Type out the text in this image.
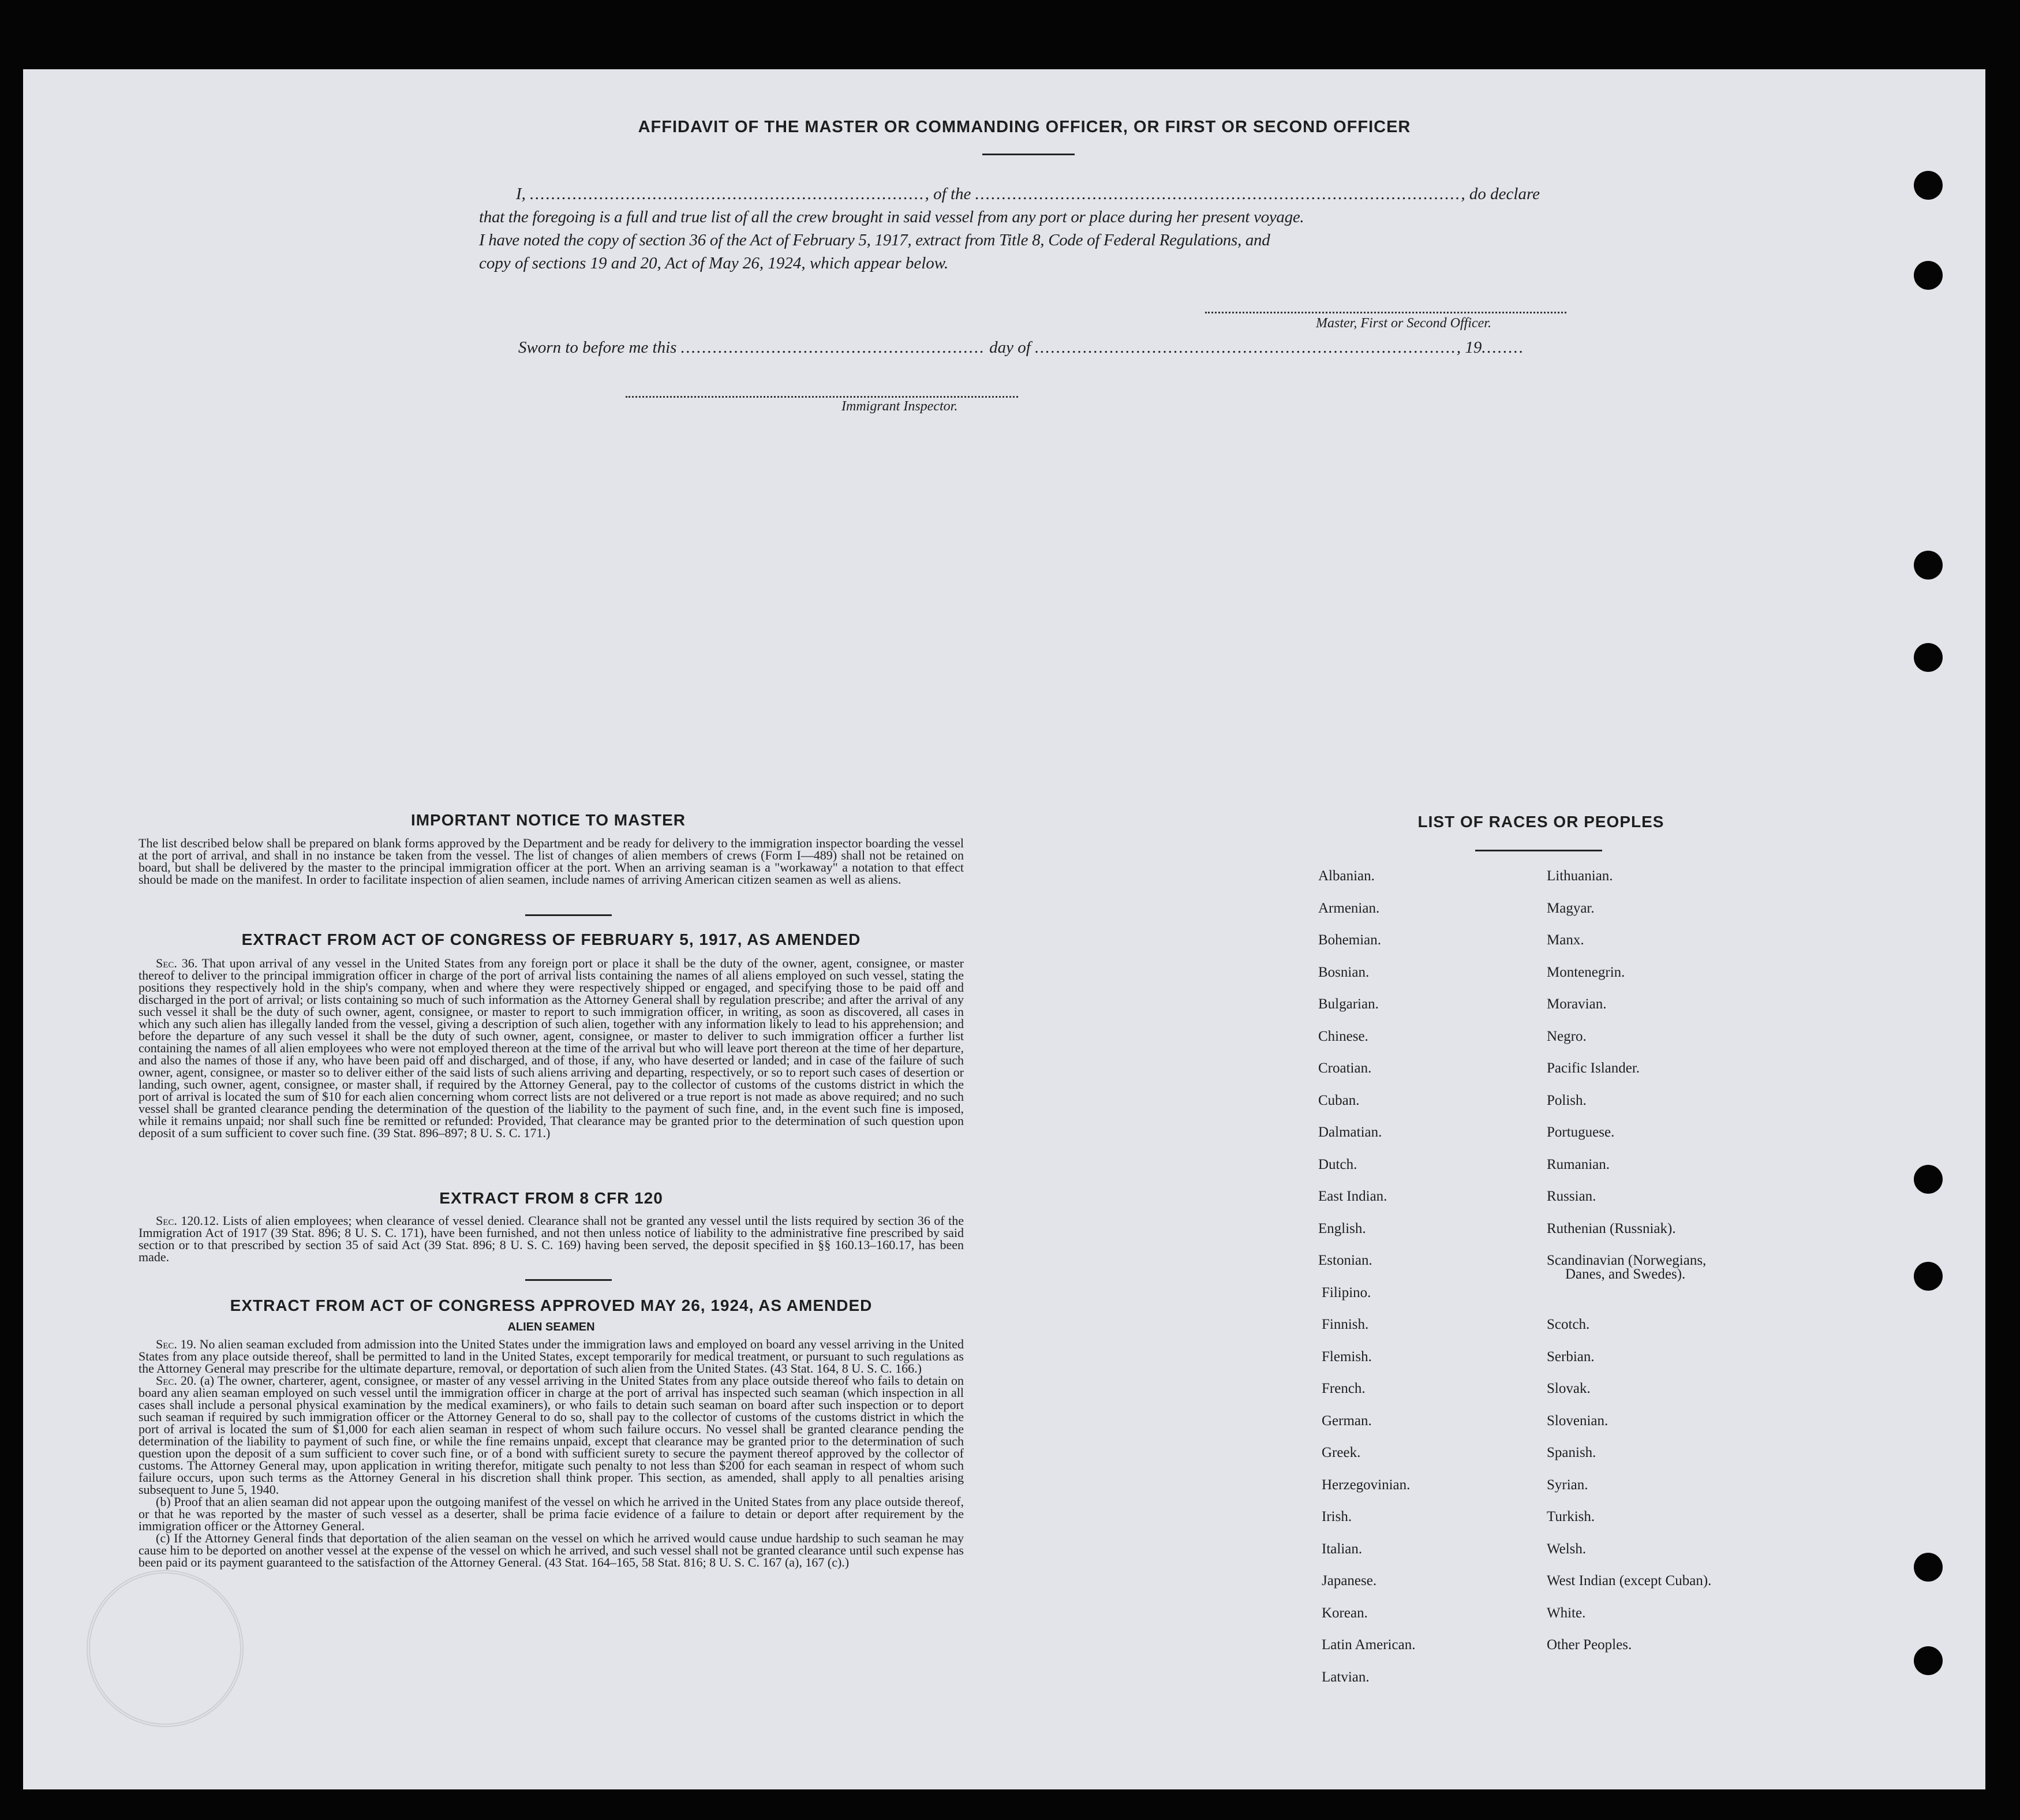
AFFIDAVIT OF THE MASTER OR COMMANDING OFFICER, OR FIRST OR SECOND OFFICER
I, .........................................................................., of the ..........................................................................................., do declare
that the foregoing is a full and true list of all the crew brought in said vessel from any port or place during her present voyage.
I have noted the copy of section 36 of the Act of February 5, 1917, extract from Title 8, Code of Federal Regulations, and
copy of sections 19 and 20, Act of May 26, 1924, which appear below.
Master, First or Second Officer.
Sworn to before me this ......................................................... day of ..............................................................................., 19........
Immigrant Inspector.
IMPORTANT NOTICE TO MASTER
The list described below shall be prepared on blank forms approved by the Department and be ready for delivery to the immigration inspector boarding the vessel at the port of arrival, and shall in no instance be taken from the vessel. The list of changes of alien members of crews (Form I—489) shall not be retained on board, but shall be delivered by the master to the principal immigration officer at the port. When an arriving seaman is a "workaway" a notation to that effect should be made on the manifest. In order to facilitate inspection of alien seamen, include names of arriving American citizen seamen as well as aliens.
EXTRACT FROM ACT OF CONGRESS OF FEBRUARY 5, 1917, AS AMENDED
Sec. 36. That upon arrival of any vessel in the United States from any foreign port or place it shall be the duty of the owner, agent, consignee, or master thereof to deliver to the principal immigration officer in charge of the port of arrival lists containing the names of all aliens employed on such vessel, stating the positions they respectively hold in the ship's company, when and where they were respectively shipped or engaged, and specifying those to be paid off and discharged in the port of arrival; or lists containing so much of such information as the Attorney General shall by regulation prescribe; and after the arrival of any such vessel it shall be the duty of such owner, agent, consignee, or master to report to such immigration officer, in writing, as soon as discovered, all cases in which any such alien has illegally landed from the vessel, giving a description of such alien, together with any information likely to lead to his apprehension; and before the departure of any such vessel it shall be the duty of such owner, agent, consignee, or master to deliver to such immigration officer a further list containing the names of all alien employees who were not employed thereon at the time of the arrival but who will leave port thereon at the time of her departure, and also the names of those if any, who have been paid off and discharged, and of those, if any, who have deserted or landed; and in case of the failure of such owner, agent, consignee, or master so to deliver either of the said lists of such aliens arriving and departing, respectively, or so to report such cases of desertion or landing, such owner, agent, consignee, or master shall, if required by the Attorney General, pay to the collector of customs of the customs district in which the port of arrival is located the sum of $10 for each alien concerning whom correct lists are not delivered or a true report is not made as above required; and no such vessel shall be granted clearance pending the determination of the question of the liability to the payment of such fine, and, in the event such fine is imposed, while it remains unpaid; nor shall such fine be remitted or refunded: Provided, That clearance may be granted prior to the determination of such question upon deposit of a sum sufficient to cover such fine. (39 Stat. 896–897; 8 U. S. C. 171.)
EXTRACT FROM 8 CFR 120
Sec. 120.12. Lists of alien employees; when clearance of vessel denied. Clearance shall not be granted any vessel until the lists required by section 36 of the Immigration Act of 1917 (39 Stat. 896; 8 U. S. C. 171), have been furnished, and not then unless notice of liability to the administrative fine prescribed by said section or to that prescribed by section 35 of said Act (39 Stat. 896; 8 U. S. C. 169) having been served, the deposit specified in §§ 160.13–160.17, has been made.
EXTRACT FROM ACT OF CONGRESS APPROVED MAY 26, 1924, AS AMENDED
ALIEN SEAMEN
Sec. 19. No alien seaman excluded from admission into the United States under the immigration laws and employed on board any vessel arriving in the United States from any place outside thereof, shall be permitted to land in the United States, except temporarily for medical treatment, or pursuant to such regulations as the Attorney General may prescribe for the ultimate departure, removal, or deportation of such alien from the United States. (43 Stat. 164, 8 U. S. C. 166.)
Sec. 20. (a) The owner, charterer, agent, consignee, or master of any vessel arriving in the United States from any place outside thereof who fails to detain on board any alien seaman employed on such vessel until the immigration officer in charge at the port of arrival has inspected such seaman (which inspection in all cases shall include a personal physical examination by the medical examiners), or who fails to detain such seaman on board after such inspection or to deport such seaman if required by such immigration officer or the Attorney General to do so, shall pay to the collector of customs of the customs district in which the port of arrival is located the sum of $1,000 for each alien seaman in respect of whom such failure occurs. No vessel shall be granted clearance pending the determination of the liability to payment of such fine, or while the fine remains unpaid, except that clearance may be granted prior to the determination of such question upon the deposit of a sum sufficient to cover such fine, or of a bond with sufficient surety to secure the payment thereof approved by the collector of customs. The Attorney General may, upon application in writing therefor, mitigate such penalty to not less than $200 for each seaman in respect of whom such failure occurs, upon such terms as the Attorney General in his discretion shall think proper. This section, as amended, shall apply to all penalties arising subsequent to June 5, 1940.
(b) Proof that an alien seaman did not appear upon the outgoing manifest of the vessel on which he arrived in the United States from any place outside thereof, or that he was reported by the master of such vessel as a deserter, shall be prima facie evidence of a failure to detain or deport after requirement by the immigration officer or the Attorney General.
(c) If the Attorney General finds that deportation of the alien seaman on the vessel on which he arrived would cause undue hardship to such seaman he may cause him to be deported on another vessel at the expense of the vessel on which he arrived, and such vessel shall not be granted clearance until such expense has been paid or its payment guaranteed to the satisfaction of the Attorney General. (43 Stat. 164–165, 58 Stat. 816; 8 U. S. C. 167 (a), 167 (c).)
LIST OF RACES OR PEOPLES
Albanian.
Armenian.
Bohemian.
Bosnian.
Bulgarian.
Chinese.
Croatian.
Cuban.
Dalmatian.
Dutch.
East Indian.
English.
Estonian.
Filipino.
Finnish.
Flemish.
French.
German.
Greek.
Herzegovinian.
Irish.
Italian.
Japanese.
Korean.
Latin American.
Latvian.
Lithuanian.
Magyar.
Manx.
Montenegrin.
Moravian.
Negro.
Pacific Islander.
Polish.
Portuguese.
Rumanian.
Russian.
Ruthenian (Russniak).
Scandinavian (Norwegians,
Danes, and Swedes).
Scotch.
Serbian.
Slovak.
Slovenian.
Spanish.
Syrian.
Turkish.
Welsh.
West Indian (except Cuban).
White.
Other Peoples.
